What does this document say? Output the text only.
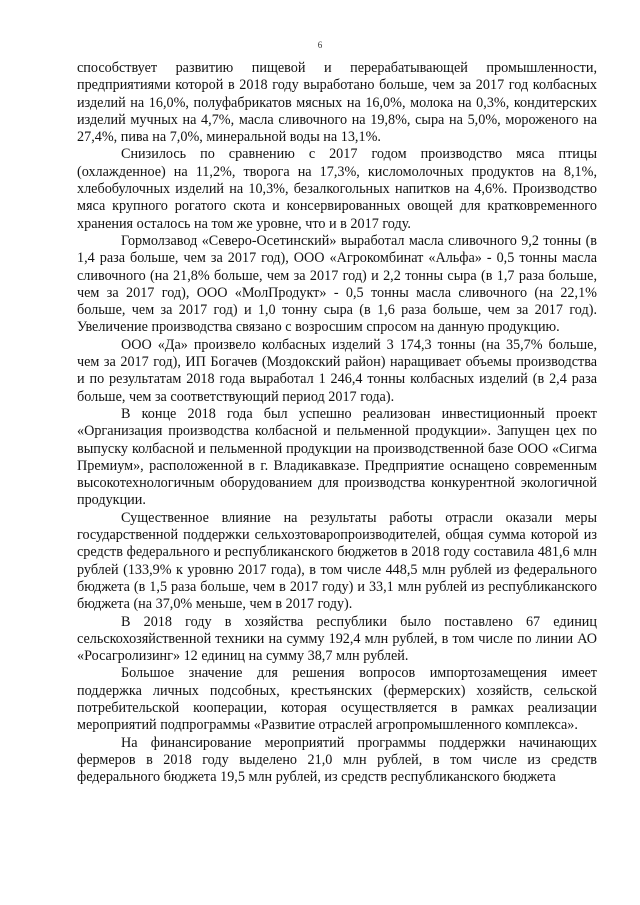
6

способствует развитию пищевой и перерабатывающей промышленности, предприятиями которой в 2018 году выработано больше, чем за 2017 год колбасных изделий на 16,0%, полуфабрикатов мясных на 16,0%, молока на 0,3%, кондитерских изделий мучных на 4,7%, масла сливочного на 19,8%, сыра на 5,0%, мороженого на 27,4%, пива на 7,0%, минеральной воды на 13,1%.

Снизилось по сравнению с 2017 годом производство мяса птицы (охлажденное) на 11,2%, творога на 17,3%, кисломолочных продуктов на 8,1%, хлебобулочных изделий на 10,3%, безалкогольных напитков на 4,6%. Производство мяса крупного рогатого скота и консервированных овощей для кратковременного хранения осталось на том же уровне, что и в 2017 году.

Гормолзавод «Северо-Осетинский» выработал масла сливочного 9,2 тонны (в 1,4 раза больше, чем за 2017 год), ООО «Агрокомбинат «Альфа» - 0,5 тонны масла сливочного (на 21,8% больше, чем за 2017 год) и 2,2 тонны сыра (в 1,7 раза больше, чем за 2017 год), ООО «МолПродукт» - 0,5 тонны масла сливочного (на 22,1% больше, чем за 2017 год) и 1,0 тонну сыра (в 1,6 раза больше, чем за 2017 год). Увеличение производства связано с возросшим спросом на данную продукцию.

ООО «Да» произвело колбасных изделий 3 174,3 тонны (на 35,7% больше, чем за 2017 год), ИП Богачев (Моздокский район) наращивает объемы производства и по результатам 2018 года выработал 1 246,4 тонны колбасных изделий (в 2,4 раза больше, чем за соответствующий период 2017 года).

В конце 2018 года был успешно реализован инвестиционный проект «Организация производства колбасной и пельменной продукции». Запущен цех по выпуску колбасной и пельменной продукции на производственной базе ООО «Сигма Премиум», расположенной в г. Владикавказе. Предприятие оснащено современным высокотехнологичным оборудованием для производства конкурентной экологичной продукции.

Существенное влияние на результаты работы отрасли оказали меры государственной поддержки сельхозтоваропроизводителей, общая сумма которой из средств федерального и республиканского бюджетов в 2018 году составила 481,6 млн рублей (133,9% к уровню 2017 года), в том числе 448,5 млн рублей из федерального бюджета (в 1,5 раза больше, чем в 2017 году) и 33,1 млн рублей из республиканского бюджета (на 37,0% меньше, чем в 2017 году).

В 2018 году в хозяйства республики было поставлено 67 единиц сельскохозяйственной техники на сумму 192,4 млн рублей, в том числе по линии АО «Росагролизинг» 12 единиц на сумму 38,7 млн рублей.

Большое значение для решения вопросов импортозамещения имеет поддержка личных подсобных, крестьянских (фермерских) хозяйств, сельской потребительской кооперации, которая осуществляется в рамках реализации мероприятий подпрограммы «Развитие отраслей агропромышленного комплекса».

На финансирование мероприятий программы поддержки начинающих фермеров в 2018 году выделено 21,0 млн рублей, в том числе из средств федерального бюджета 19,5 млн рублей, из средств республиканского бюджета
